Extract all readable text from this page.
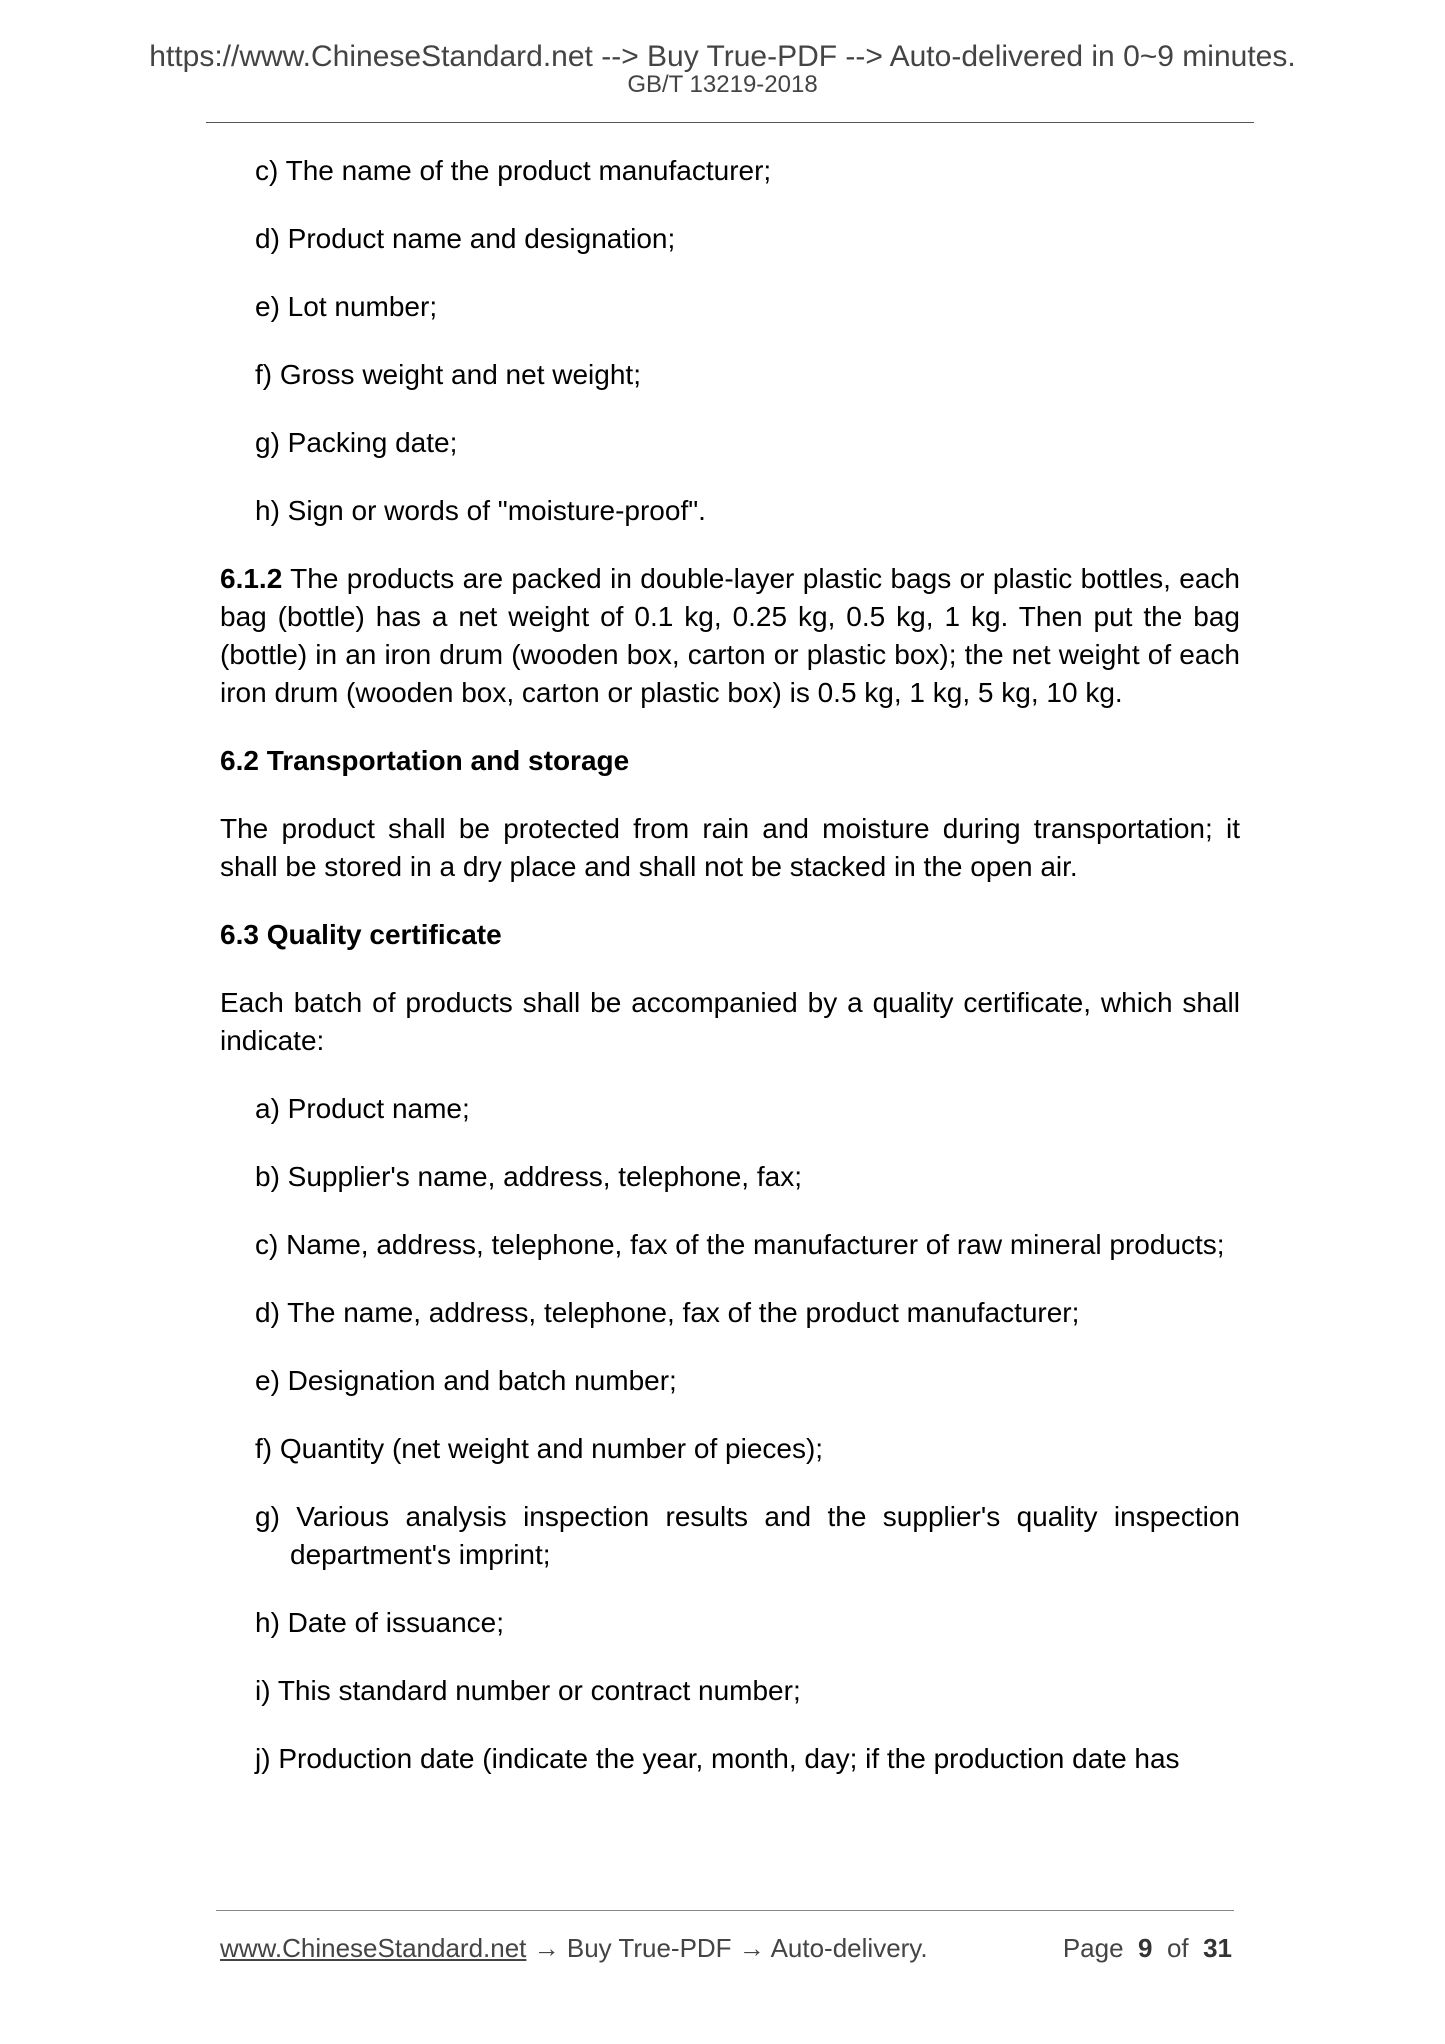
https://www.ChineseStandard.net --> Buy True-PDF --> Auto-delivered in 0~9 minutes.
GB/T 13219-2018
c) The name of the product manufacturer;
d) Product name and designation;
e) Lot number;
f) Gross weight and net weight;
g) Packing date;
h) Sign or words of "moisture-proof".
6.1.2 The products are packed in double-layer plastic bags or plastic bottles, each bag (bottle) has a net weight of 0.1 kg, 0.25 kg, 0.5 kg, 1 kg. Then put the bag (bottle) in an iron drum (wooden box, carton or plastic box); the net weight of each iron drum (wooden box, carton or plastic box) is 0.5 kg, 1 kg, 5 kg, 10 kg.
6.2 Transportation and storage
The product shall be protected from rain and moisture during transportation; it shall be stored in a dry place and shall not be stacked in the open air.
6.3 Quality certificate
Each batch of products shall be accompanied by a quality certificate, which shall indicate:
a) Product name;
b) Supplier's name, address, telephone, fax;
c) Name, address, telephone, fax of the manufacturer of raw mineral products;
d) The name, address, telephone, fax of the product manufacturer;
e) Designation and batch number;
f) Quantity (net weight and number of pieces);
g) Various analysis inspection results and the supplier's quality inspection department's imprint;
h) Date of issuance;
i) This standard number or contract number;
j) Production date (indicate the year, month, day; if the production date has
www.ChineseStandard.net → Buy True-PDF → Auto-delivery.	Page 9 of 31
